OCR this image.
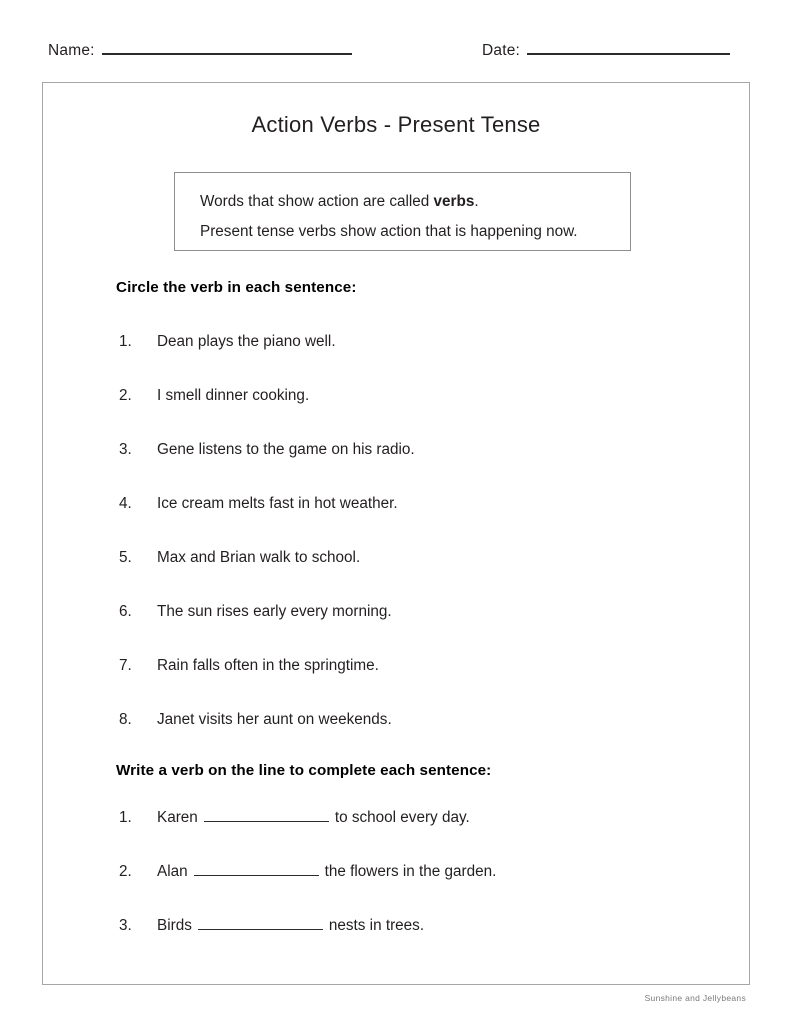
Name:	Date:
Action Verbs - Present Tense
Words that show action are called verbs.
Present tense verbs show action that is happening now.
Circle the verb in each sentence:
1.	Dean plays the piano well.
2.	I smell dinner cooking.
3.	Gene listens to the game on his radio.
4.	Ice cream melts fast in hot weather.
5.	Max and Brian walk to school.
6.	The sun rises early every morning.
7.	Rain falls often in the springtime.
8.	Janet visits her aunt on weekends.
Write a verb on the line to complete each sentence:
1.	Karen	to school every day.
2.	Alan	the flowers in the garden.
3.	Birds	nests in trees.
Sunshine and Jellybeans
